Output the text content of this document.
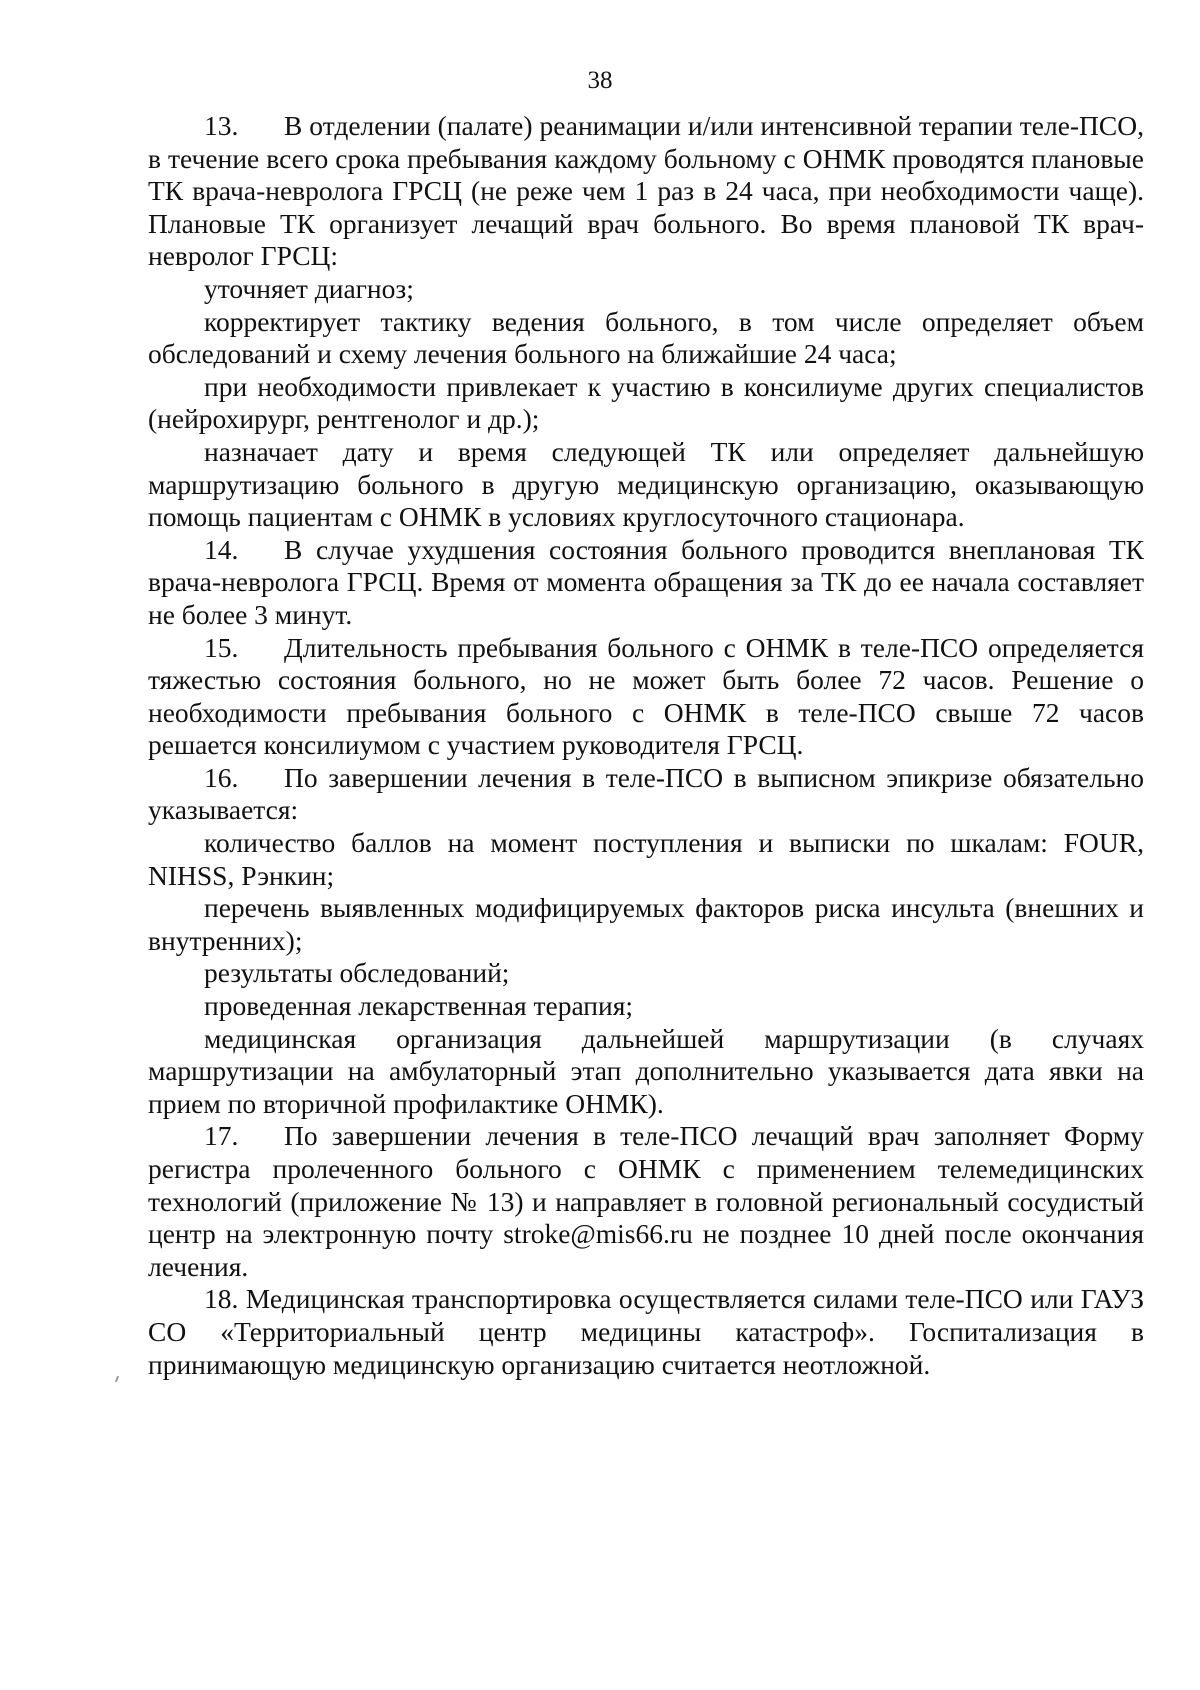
38

13. В отделении (палате) реанимации и/или интенсивной терапии теле-ПСО, в течение всего срока пребывания каждому больному с ОНМК проводятся плановые ТК врача-невролога ГРСЦ (не реже чем 1 раз в 24 часа, при необходимости чаще). Плановые ТК организует лечащий врач больного. Во время плановой ТК врач-невролог ГРСЦ:

уточняет диагноз;

корректирует тактику ведения больного, в том числе определяет объем обследований и схему лечения больного на ближайшие 24 часа;

при необходимости привлекает к участию в консилиуме других специалистов (нейрохирург, рентгенолог и др.);

назначает дату и время следующей ТК или определяет дальнейшую маршрутизацию больного в другую медицинскую организацию, оказывающую помощь пациентам с ОНМК в условиях круглосуточного стационара.

14. В случае ухудшения состояния больного проводится внеплановая ТК врача-невролога ГРСЦ. Время от момента обращения за ТК до ее начала составляет не более 3 минут.

15. Длительность пребывания больного с ОНМК в теле-ПСО определяется тяжестью состояния больного, но не может быть более 72 часов. Решение о необходимости пребывания больного с ОНМК в теле-ПСО свыше 72 часов решается консилиумом с участием руководителя ГРСЦ.

16. По завершении лечения в теле-ПСО в выписном эпикризе обязательно указывается:

количество баллов на момент поступления и выписки по шкалам: FOUR, NIHSS, Рэнкин;

перечень выявленных модифицируемых факторов риска инсульта (внешних и внутренних);

результаты обследований;

проведенная лекарственная терапия;

медицинская организация дальнейшей маршрутизации (в случаях маршрутизации на амбулаторный этап дополнительно указывается дата явки на прием по вторичной профилактике ОНМК).

17. По завершении лечения в теле-ПСО лечащий врач заполняет Форму регистра пролеченного больного с ОНМК с применением телемедицинских технологий (приложение № 13) и направляет в головной региональный сосудистый центр на электронную почту stroke@mis66.ru не позднее 10 дней после окончания лечения.

18. Медицинская транспортировка осуществляется силами теле-ПСО или ГАУЗ СО «Территориальный центр медицины катастроф». Госпитализация в принимающую медицинскую организацию считается неотложной.
